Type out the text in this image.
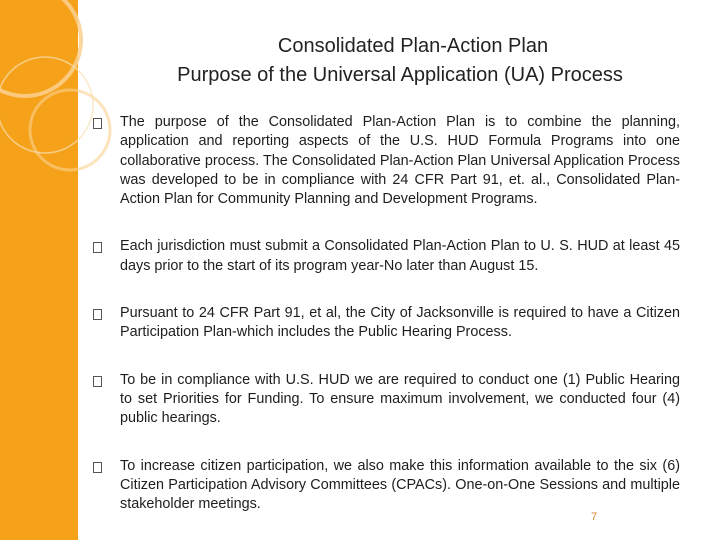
Consolidated Plan-Action Plan
Purpose of the Universal Application (UA) Process
The purpose of the Consolidated Plan-Action Plan is to combine the planning, application and reporting aspects of the U.S. HUD Formula Programs into one collaborative process. The Consolidated Plan-Action Plan Universal Application Process was developed to be in compliance with 24 CFR Part 91, et. al., Consolidated Plan-Action Plan for Community Planning and Development Programs.
Each jurisdiction must submit a Consolidated Plan-Action Plan to U. S. HUD at least 45 days prior to the start of its program year-No later than August 15.
Pursuant to 24 CFR Part 91, et al, the City of Jacksonville is required to have a Citizen Participation Plan-which includes the Public Hearing Process.
To be in compliance with U.S. HUD we are required to conduct one (1) Public Hearing to set Priorities for Funding. To ensure maximum involvement, we conducted four (4) public hearings.
To increase citizen participation, we also make this information available to the six (6) Citizen Participation Advisory Committees (CPACs). One-on-One Sessions and multiple stakeholder meetings.
7
